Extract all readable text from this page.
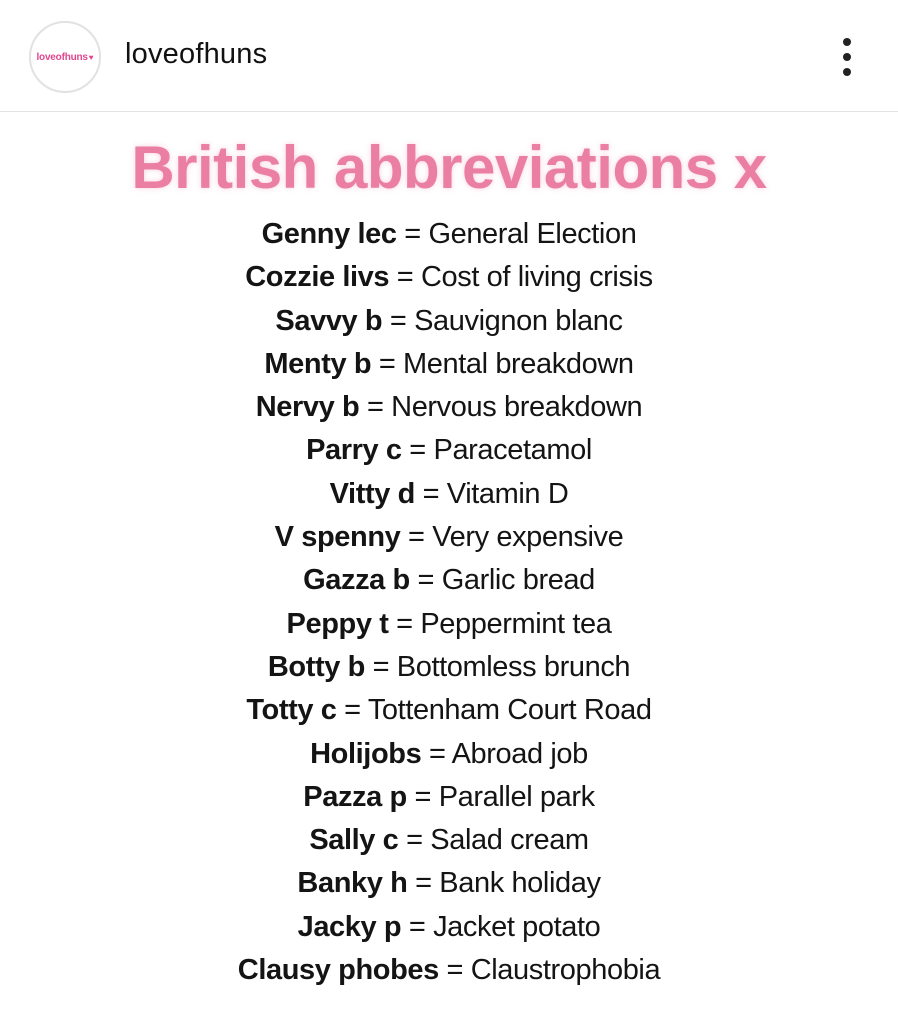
loveofhuns ♥ loveofhuns
British abbreviations x
Genny lec = General Election
Cozzie livs = Cost of living crisis
Savvy b = Sauvignon blanc
Menty b = Mental breakdown
Nervy b = Nervous breakdown
Parry c = Paracetamol
Vitty d = Vitamin D
V spenny = Very expensive
Gazza b = Garlic bread
Peppy t = Peppermint tea
Botty b = Bottomless brunch
Totty c = Tottenham Court Road
Holijobs = Abroad job
Pazza p = Parallel park
Sally c = Salad cream
Banky h = Bank holiday
Jacky p = Jacket potato
Clausy phobes = Claustrophobia
